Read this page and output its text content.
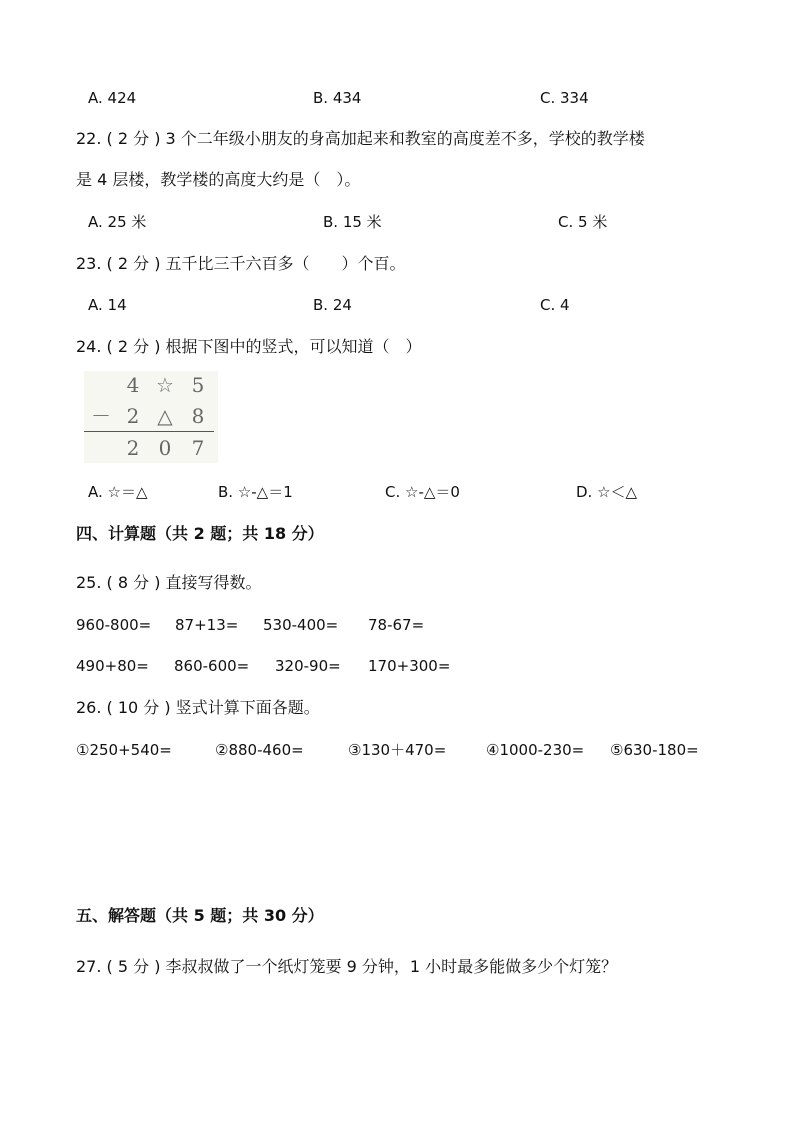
A. 424	B. 434	C. 334
22. ( 2 分 ) 3 个二年级小朋友的身高加起来和教室的高度差不多，学校的教学楼
是 4 层楼，教学楼的高度大约是（　）。
A. 25 米	B. 15 米	C. 5 米
23. ( 2 分 ) 五千比三千六百多（　　）个百。
A. 14	B. 24	C. 4
24. ( 2 分 ) 根据下图中的竖式，可以知道（　）
4 ☆ 5
－ 2 △ 8
2 0 7
A. ☆＝△	B. ☆-△＝1	C. ☆-△＝0	D. ☆＜△
四、计算题（共 2 题；共 18 分）
25. ( 8 分 ) 直接写得数。
960-800= 87+13= 530-400= 78-67=
490+80= 860-600= 320-90= 170+300=
26. ( 10 分 ) 竖式计算下面各题。
①250+540=	②880-460=	③130＋470=	④1000-230= ⑤630-180=
五、解答题（共 5 题；共 30 分）
27. ( 5 分 ) 李叔叔做了一个纸灯笼要 9 分钟，1 小时最多能做多少个灯笼？
